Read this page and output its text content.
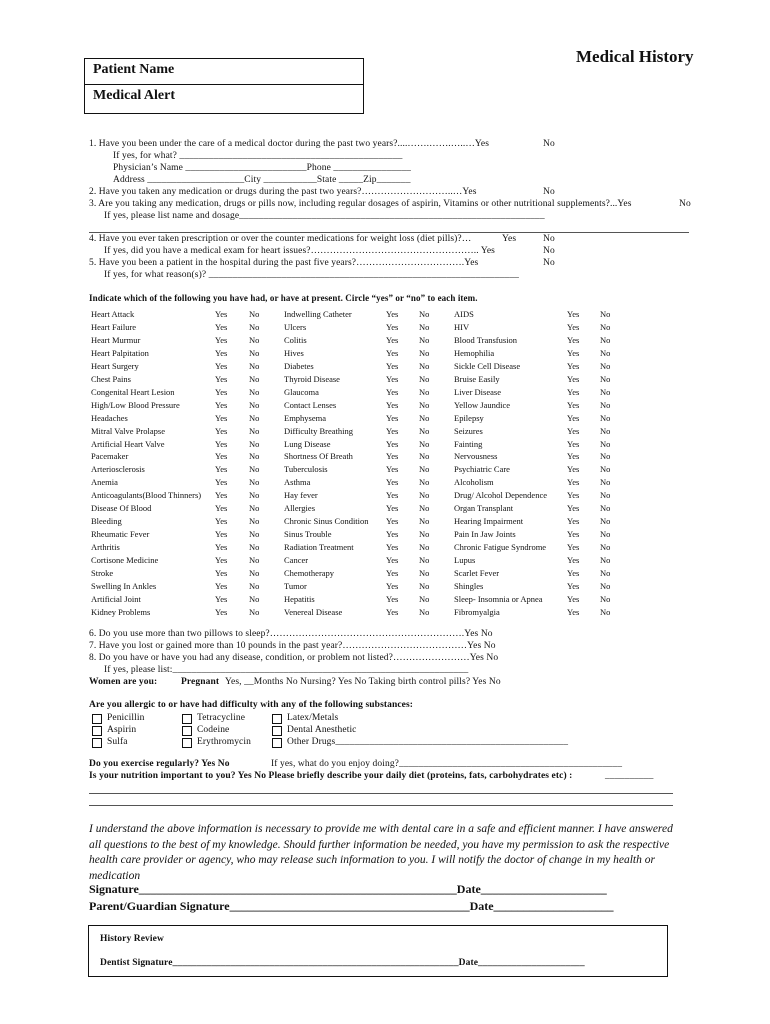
Medical History
Patient Name
Medical Alert
1. Have you been under the care of a medical doctor during the past two years?....…….…….…..…Yes	No
If yes, for what? ______________________________________________
Physician’s Name _________________________Phone ________________
Address ____________________City ___________State _____Zip_______
2. Have you taken any medication or drugs during the past two years?………………………..…Yes	No
3. Are you taking any medication, drugs or pills now, including regular dosages of aspirin, Vitamins or other nutritional supplements?...Yes	No
If yes, please list name and dosage_______________________________________________________________
4. Have you ever taken prescription or over the counter medications for weight loss (diet pills)?…	Yes	No
If yes, did you have a medical exam for heart issues?…………………………………………….. Yes	No
5. Have you been a patient in the hospital during the past five years?…………………………….Yes	No
If yes, for what reason(s)? ________________________________________________________________
Indicate which of the following you have had, or have at present. Circle “yes” or “no” to each item.
Heart Attack	Yes	No
Heart Failure	Yes	No
Heart Murmur	Yes	No
Heart Palpitation	Yes	No
Heart Surgery	Yes	No
Chest Pains	Yes	No
Congenital Heart Lesion	Yes	No
High/Low Blood Pressure	Yes	No
Headaches	Yes	No
Mitral Valve Prolapse	Yes	No
Artificial Heart Valve	Yes	No
Pacemaker	Yes	No
Arteriosclerosis	Yes	No
Anemia	Yes	No
Anticoagulants(Blood Thinners) Yes	No
Disease Of Blood	Yes	No
Bleeding	Yes	No
Rheumatic Fever	Yes	No
Arthritis	Yes	No
Cortisone Medicine	Yes	No
Stroke	Yes	No
Swelling In Ankles	Yes	No
Artificial Joint	Yes	No
Kidney Problems	Yes	No
Indwelling Catheter	Yes No
Ulcers	Yes No
Colitis	Yes No
Hives	Yes No
Diabetes	Yes No
Thyroid Disease	Yes No
Glaucoma	Yes No
Contact Lenses	Yes No
Emphysema	Yes No
Difficulty Breathing	Yes No
Lung Disease	Yes No
Shortness Of Breath	Yes No
Tuberculosis	Yes No
Asthma	Yes No
Hay fever	Yes No
Allergies	Yes No
Chronic Sinus Condition Yes No
Sinus Trouble	Yes No
Radiation Treatment	Yes No
Cancer	Yes No
Chemotherapy	Yes No
Tumor	Yes No
Hepatitis	Yes No
Venereal Disease	Yes No
AIDS	Yes No
HIV	Yes No
Blood Transfusion	Yes No
Hemophilia	Yes No
Sickle Cell Disease	Yes No
Bruise Easily	Yes No
Liver Disease	Yes No
Yellow Jaundice	Yes No
Epilepsy	Yes No
Seizures	Yes No
Fainting	Yes No
Nervousness	Yes No
Psychiatric Care	Yes No
Alcoholism	Yes No
Drug/ Alcohol Dependence Yes No
Organ Transplant	Yes No
Hearing Impairment	Yes No
Pain In Jaw Joints	Yes No
Chronic Fatigue Syndrome Yes No
Lupus	Yes No
Scarlet Fever	Yes No
Shingles	Yes No
Sleep- Insomnia or Apnea	Yes No
Fibromyalgia	Yes No
6. Do you use more than two pillows to sleep?…………………………………………………….Yes No
7. Have you lost or gained more than 10 pounds in the past year?…………………………………Yes No
8. Do you have or have you had any disease, condition, or problem not listed?……………………Yes No
If yes, please list:_____________________________________________________________
Women are you:	Pregnant Yes, __Months No Nursing? Yes No Taking birth control pills? Yes No
Are you allergic to or have had difficulty with any of the following substances:
Penicillin
Aspirin
Sulfa
Tetracycline
Codeine
Erythromycin
Latex/Metals
Dental Anesthetic
Other Drugs________________________________________________
Do you exercise regularly? Yes No	If yes, what do you enjoy doing?______________________________________________
Is your nutrition important to you? Yes No Please briefly describe your daily diet (proteins, fats, carbohydrates etc) :	__________
I understand the above information is necessary to provide me with dental care in a safe and efficient manner. I have answered all questions to the best of my knowledge. Should further information be needed, you have my permission to ask the respective health care provider or agency, who may release such information to you. I will notify the doctor of change in my health or medication
Signature_____________________________________________________Date_____________________
Parent/Guardian Signature________________________________________Date____________________
History Review
Dentist Signature___________________________________________________________Date______________________
